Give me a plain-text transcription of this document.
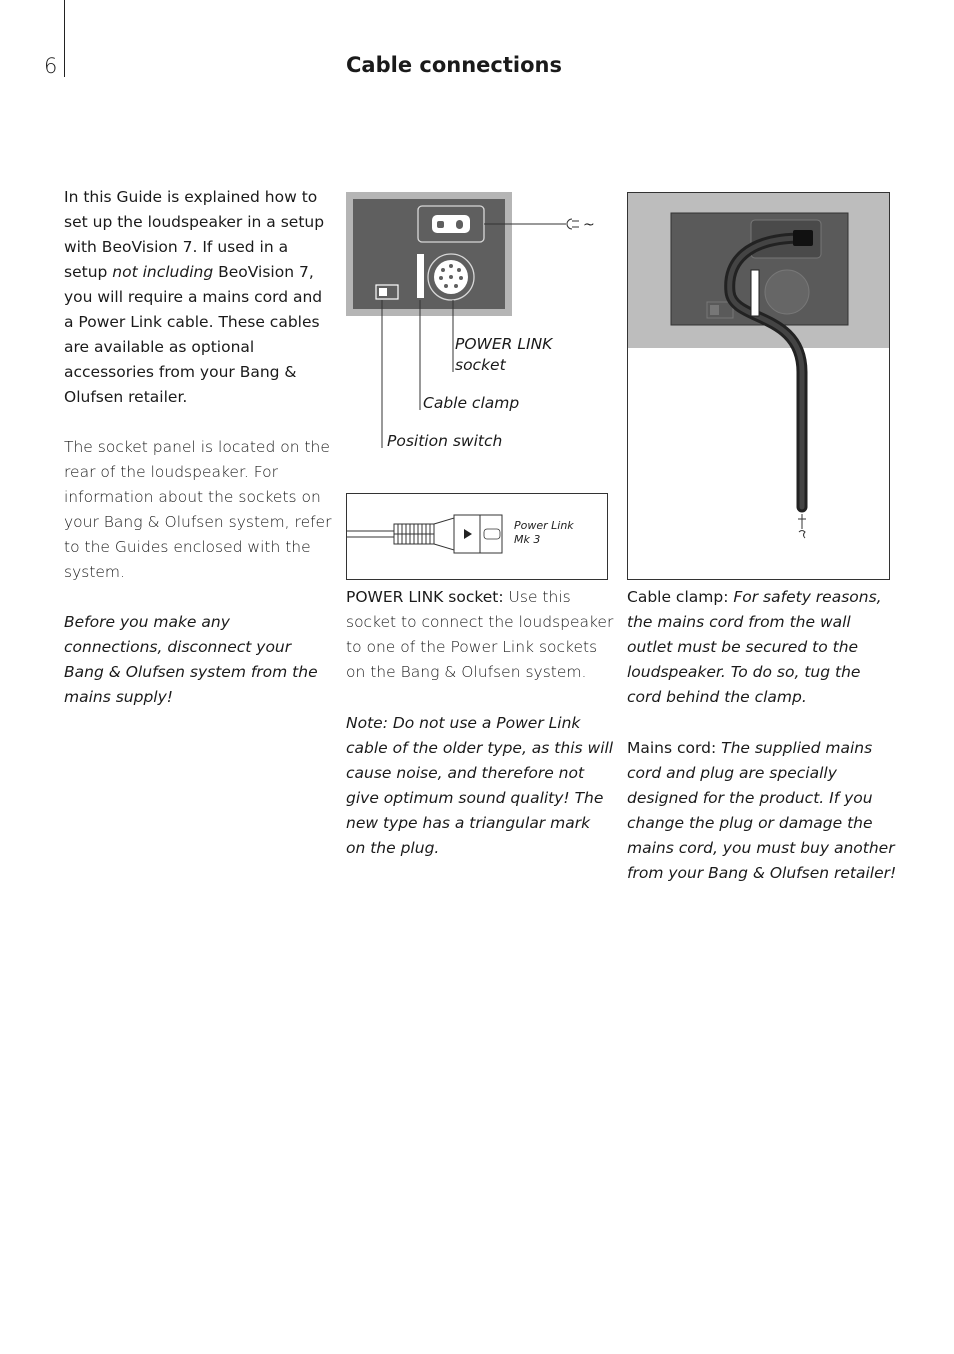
6	Cable connections

In this Guide is explained how to set up the loudspeaker in a setup with BeoVision 7. If used in a setup not including BeoVision 7, you will require a mains cord and a Power Link cable. These cables are available as optional accessories from your Bang & Olufsen retailer.

The socket panel is located on the rear of the loudspeaker. For information about the sockets on your Bang & Olufsen system, refer to the Guides enclosed with the system.

Before you make any connections, disconnect your Bang & Olufsen system from the mains supply!

~
POWER LINK
socket
Cable clamp
Position switch
Power Link
Mk 3

POWER LINK socket: Use this socket to connect the loudspeaker to one of the Power Link sockets on the Bang & Olufsen system.

Note: Do not use a Power Link cable of the older type, as this will cause noise, and therefore not give optimum sound quality! The new type has a triangular mark on the plug.

Cable clamp: For safety reasons, the mains cord from the wall outlet must be secured to the loudspeaker. To do so, tug the cord behind the clamp.

Mains cord: The supplied mains cord and plug are specially designed for the product. If you change the plug or damage the mains cord, you must buy another from your Bang & Olufsen retailer!
